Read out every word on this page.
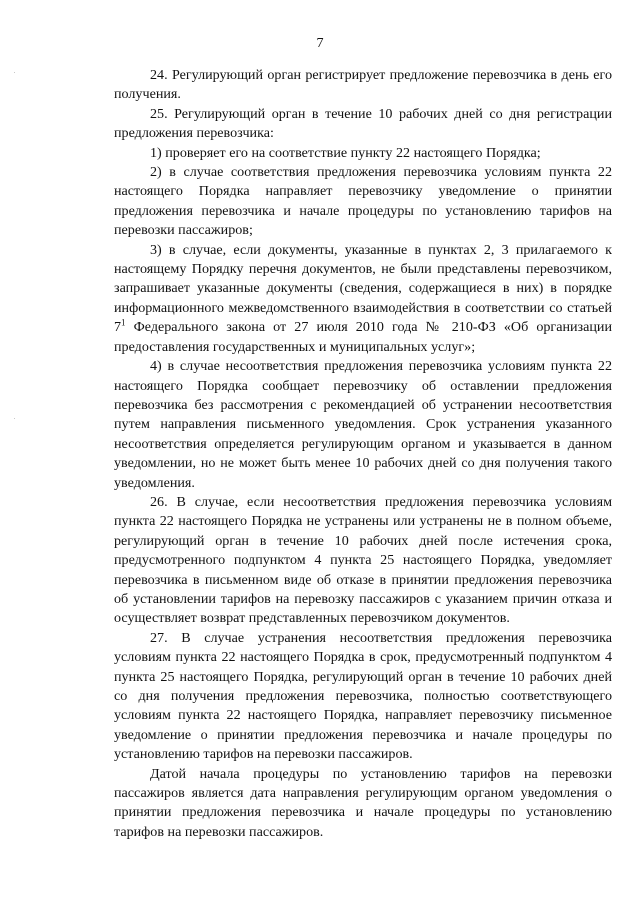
7

24. Регулирующий орган регистрирует предложение перевозчика в день его получения.

25. Регулирующий орган в течение 10 рабочих дней со дня регистрации предложения перевозчика:

1) проверяет его на соответствие пункту 22 настоящего Порядка;

2) в случае соответствия предложения перевозчика условиям пункта 22 настоящего Порядка направляет перевозчику уведомление о принятии предложения перевозчика и начале процедуры по установлению тарифов на перевозки пассажиров;

3) в случае, если документы, указанные в пунктах 2, 3 прилагаемого к настоящему Порядку перечня документов, не были представлены перевозчиком, запрашивает указанные документы (сведения, содержащиеся в них) в порядке информационного межведомственного взаимодействия в соответствии со статьей $7^1$ Федерального закона от 27 июля 2010 года № 210-ФЗ «Об организации предоставления государственных и муниципальных услуг»;

4) в случае несоответствия предложения перевозчика условиям пункта 22 настоящего Порядка сообщает перевозчику об оставлении предложения перевозчика без рассмотрения с рекомендацией об устранении несоответствия путем направления письменного уведомления. Срок устранения указанного несоответствия определяется регулирующим органом и указывается в данном уведомлении, но не может быть менее 10 рабочих дней со дня получения такого уведомления.

26. В случае, если несоответствия предложения перевозчика условиям пункта 22 настоящего Порядка не устранены или устранены не в полном объеме, регулирующий орган в течение 10 рабочих дней после истечения срока, предусмотренного подпунктом 4 пункта 25 настоящего Порядка, уведомляет перевозчика в письменном виде об отказе в принятии предложения перевозчика об установлении тарифов на перевозку пассажиров с указанием причин отказа и осуществляет возврат представленных перевозчиком документов.

27. В случае устранения несоответствия предложения перевозчика условиям пункта 22 настоящего Порядка в срок, предусмотренный подпунктом 4 пункта 25 настоящего Порядка, регулирующий орган в течение 10 рабочих дней со дня получения предложения перевозчика, полностью соответствующего условиям пункта 22 настоящего Порядка, направляет перевозчику письменное уведомление о принятии предложения перевозчика и начале процедуры по установлению тарифов на перевозки пассажиров.

Датой начала процедуры по установлению тарифов на перевозки пассажиров является дата направления регулирующим органом уведомления о принятии предложения перевозчика и начале процедуры по установлению тарифов на перевозки пассажиров.
